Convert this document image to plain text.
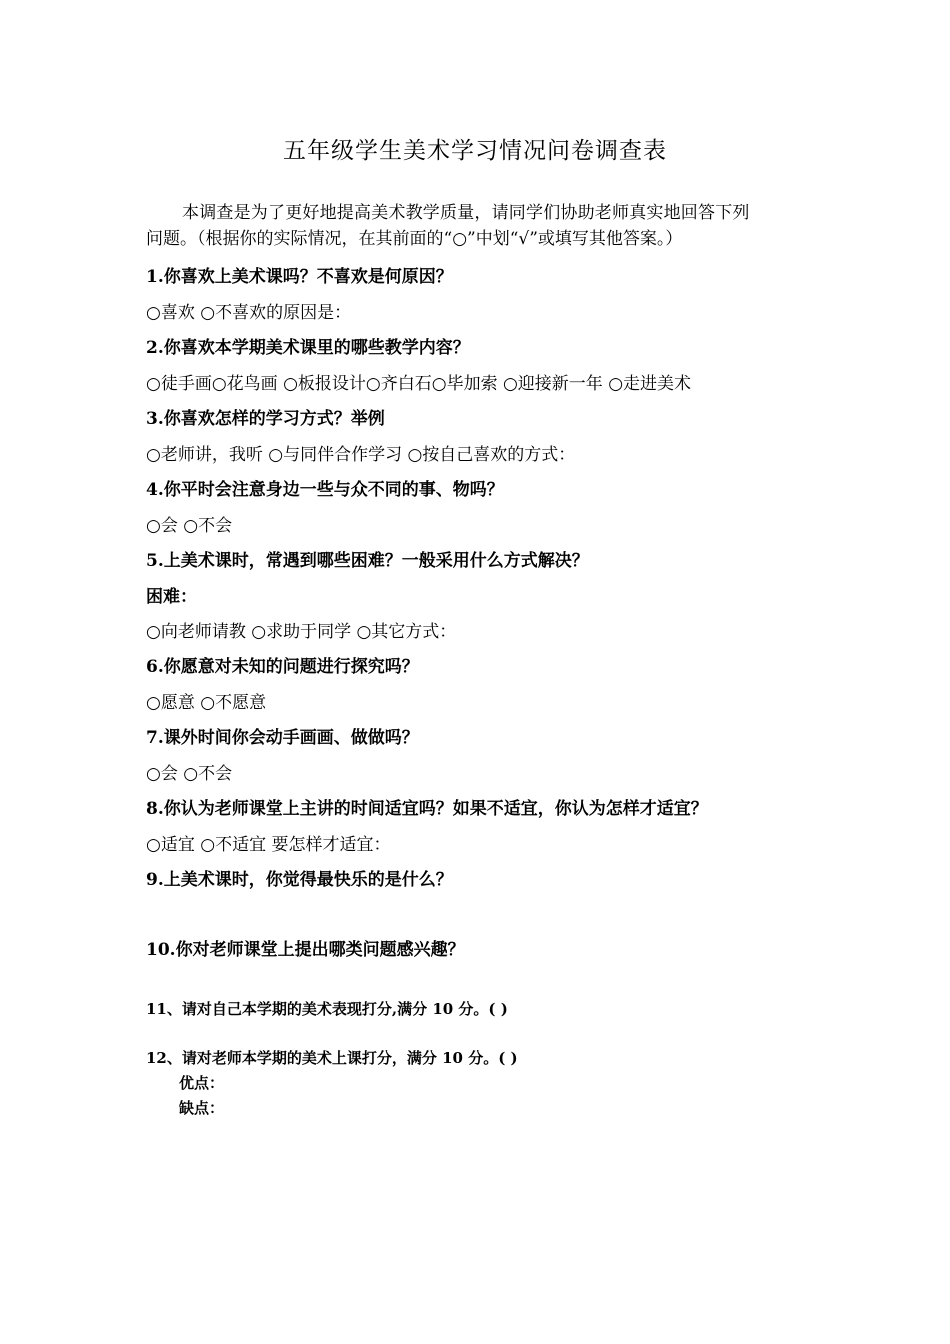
五年级学生美术学习情况问卷调查表
本调查是为了更好地提高美术教学质量，请同学们协助老师真实地回答下列
问题。（根据你的实际情况，在其前面的“○”中划“√”或填写其他答案。）
1.你喜欢上美术课吗？不喜欢是何原因？
○喜欢 ○不喜欢的原因是：
2.你喜欢本学期美术课里的哪些教学内容？
○徒手画○花鸟画 ○板报设计○齐白石○毕加索 ○迎接新一年 ○走进美术
3.你喜欢怎样的学习方式？举例
○老师讲，我听 ○与同伴合作学习 ○按自己喜欢的方式：
4.你平时会注意身边一些与众不同的事、物吗？
○会 ○不会
5.上美术课时，常遇到哪些困难？一般采用什么方式解决？
困难：
○向老师请教 ○求助于同学 ○其它方式：
6.你愿意对未知的问题进行探究吗？
○愿意 ○不愿意
7.课外时间你会动手画画、做做吗？
○会 ○不会
8.你认为老师课堂上主讲的时间适宜吗？如果不适宜，你认为怎样才适宜？
○适宜 ○不适宜 要怎样才适宜：
9.上美术课时，你觉得最快乐的是什么？
10.你对老师课堂上提出哪类问题感兴趣？
11、请对自己本学期的美术表现打分,满分 10 分。( )
12、请对老师本学期的美术上课打分，满分 10 分。( )
优点：
缺点：
